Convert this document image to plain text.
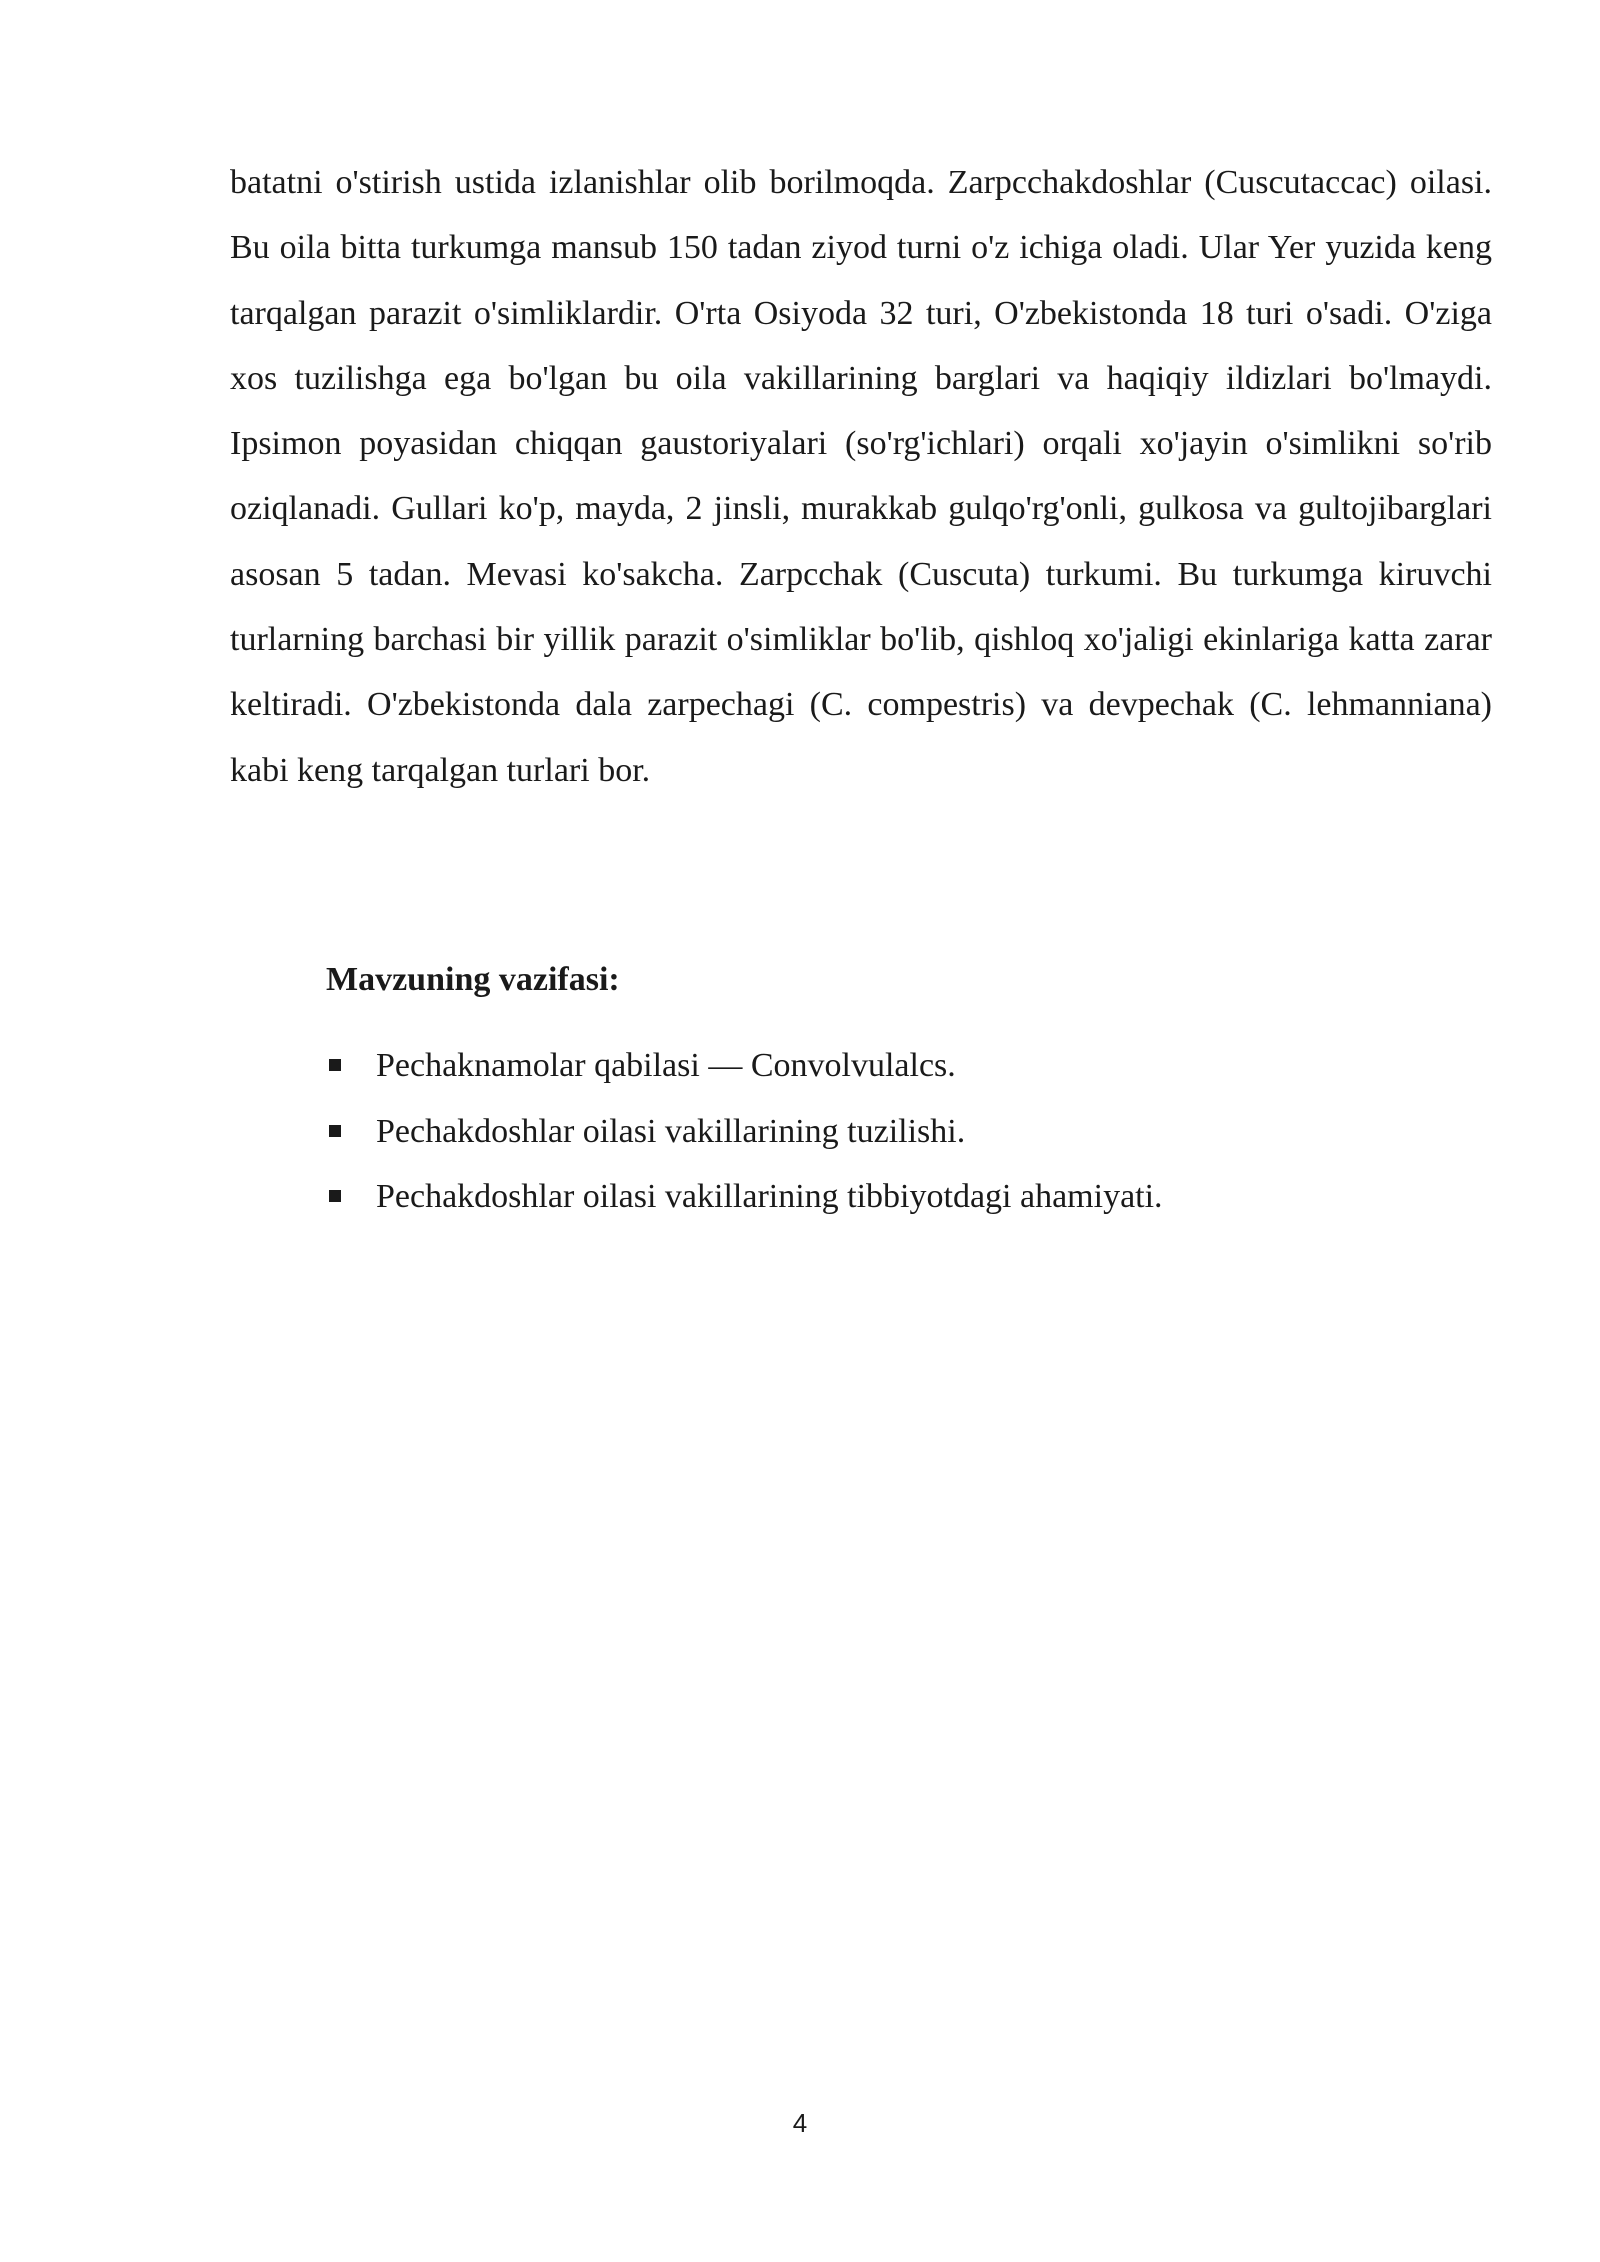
batatni o'stirish ustida izlanishlar olib borilmoqda. Zarpcchakdoshlar (Cuscutaccac) oilasi. Bu oila bitta turkumga mansub 150 tadan ziyod turni o'z ichiga oladi. Ular Yer yuzida keng tarqalgan parazit o'simliklardir. O'rta Osiyoda 32 turi, O'zbekistonda 18 turi o'sadi. O'ziga xos tuzilishga ega bo'lgan bu oila vakillarining barglari va haqiqiy ildizlari bo'lmaydi. Ipsimon poyasidan chiqqan gaustoriyalari (so'rg'ichlari) orqali xo'jayin o'simlikni so'rib oziqlanadi. Gullari ko'p, mayda, 2 jinsli, murakkab gulqo'rg'onli, gulkosa va gultojibarglari asosan 5 tadan. Mevasi ko'sakcha. Zarpcchak (Cuscuta) turkumi. Bu turkumga kiruvchi turlarning barchasi bir yillik parazit o'simliklar bo'lib, qishloq xo'jaligi ekinlariga katta zarar keltiradi. O'zbekistonda dala zarpechagi (C. compestris) va devpechak (C. lehmanniana) kabi keng tarqalgan turlari bor.

Mavzuning vazifasi:

Pechaknamolar qabilasi — Convolvulalcs.
Pechakdoshlar oilasi vakillarining tuzilishi.
Pechakdoshlar oilasi vakillarining tibbiyotdagi ahamiyati.
4
